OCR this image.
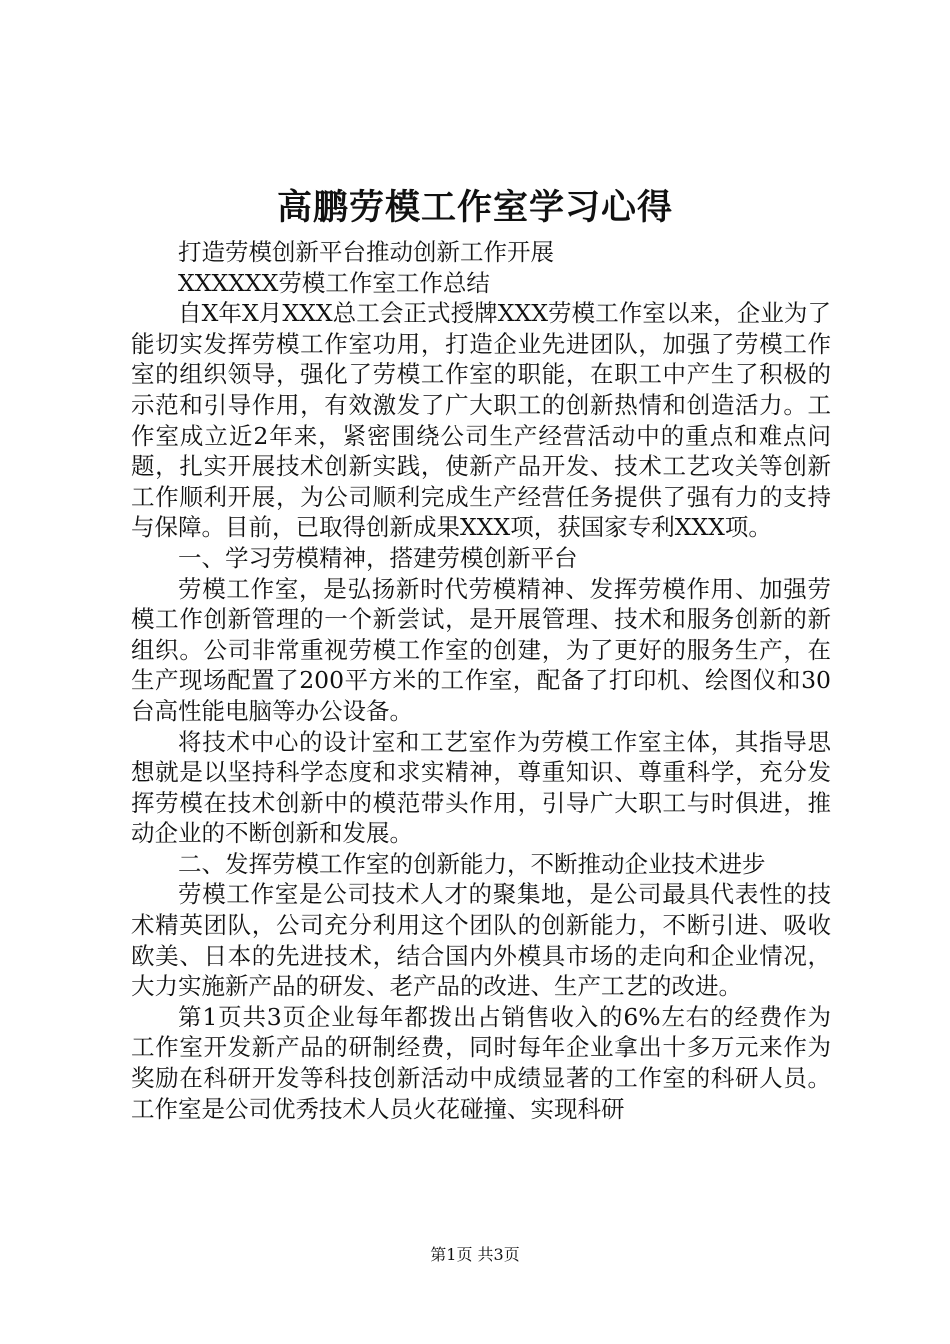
高鹏劳模工作室学习心得

打造劳模创新平台推动创新工作开展

XXXXXX劳模工作室工作总结

自X年X月XXX总工会正式授牌XXX劳模工作室以来，企业为了能切实发挥劳模工作室功用，打造企业先进团队，加强了劳模工作室的组织领导，强化了劳模工作室的职能，在职工中产生了积极的示范和引导作用，有效激发了广大职工的创新热情和创造活力。工作室成立近2年来，紧密围绕公司生产经营活动中的重点和难点问题，扎实开展技术创新实践，使新产品开发、技术工艺攻关等创新工作顺利开展，为公司顺利完成生产经营任务提供了强有力的支持与保障。目前，已取得创新成果XXX项，获国家专利XXX项。

一、学习劳模精神，搭建劳模创新平台

劳模工作室，是弘扬新时代劳模精神、发挥劳模作用、加强劳模工作创新管理的一个新尝试，是开展管理、技术和服务创新的新组织。公司非常重视劳模工作室的创建，为了更好的服务生产，在生产现场配置了200平方米的工作室，配备了打印机、绘图仪和30台高性能电脑等办公设备。

将技术中心的设计室和工艺室作为劳模工作室主体，其指导思想就是以坚持科学态度和求实精神，尊重知识、尊重科学，充分发挥劳模在技术创新中的模范带头作用，引导广大职工与时俱进，推动企业的不断创新和发展。

二、发挥劳模工作室的创新能力，不断推动企业技术进步

劳模工作室是公司技术人才的聚集地，是公司最具代表性的技术精英团队，公司充分利用这个团队的创新能力，不断引进、吸收欧美、日本的先进技术，结合国内外模具市场的走向和企业情况，大力实施新产品的研发、老产品的改进、生产工艺的改进。

第1页共3页企业每年都拨出占销售收入的6%左右的经费作为工作室开发新产品的研制经费，同时每年企业拿出十多万元来作为奖励在科研开发等科技创新活动中成绩显著的工作室的科研人员。工作室是公司优秀技术人员火花碰撞、实现科研

第1页 共3页
